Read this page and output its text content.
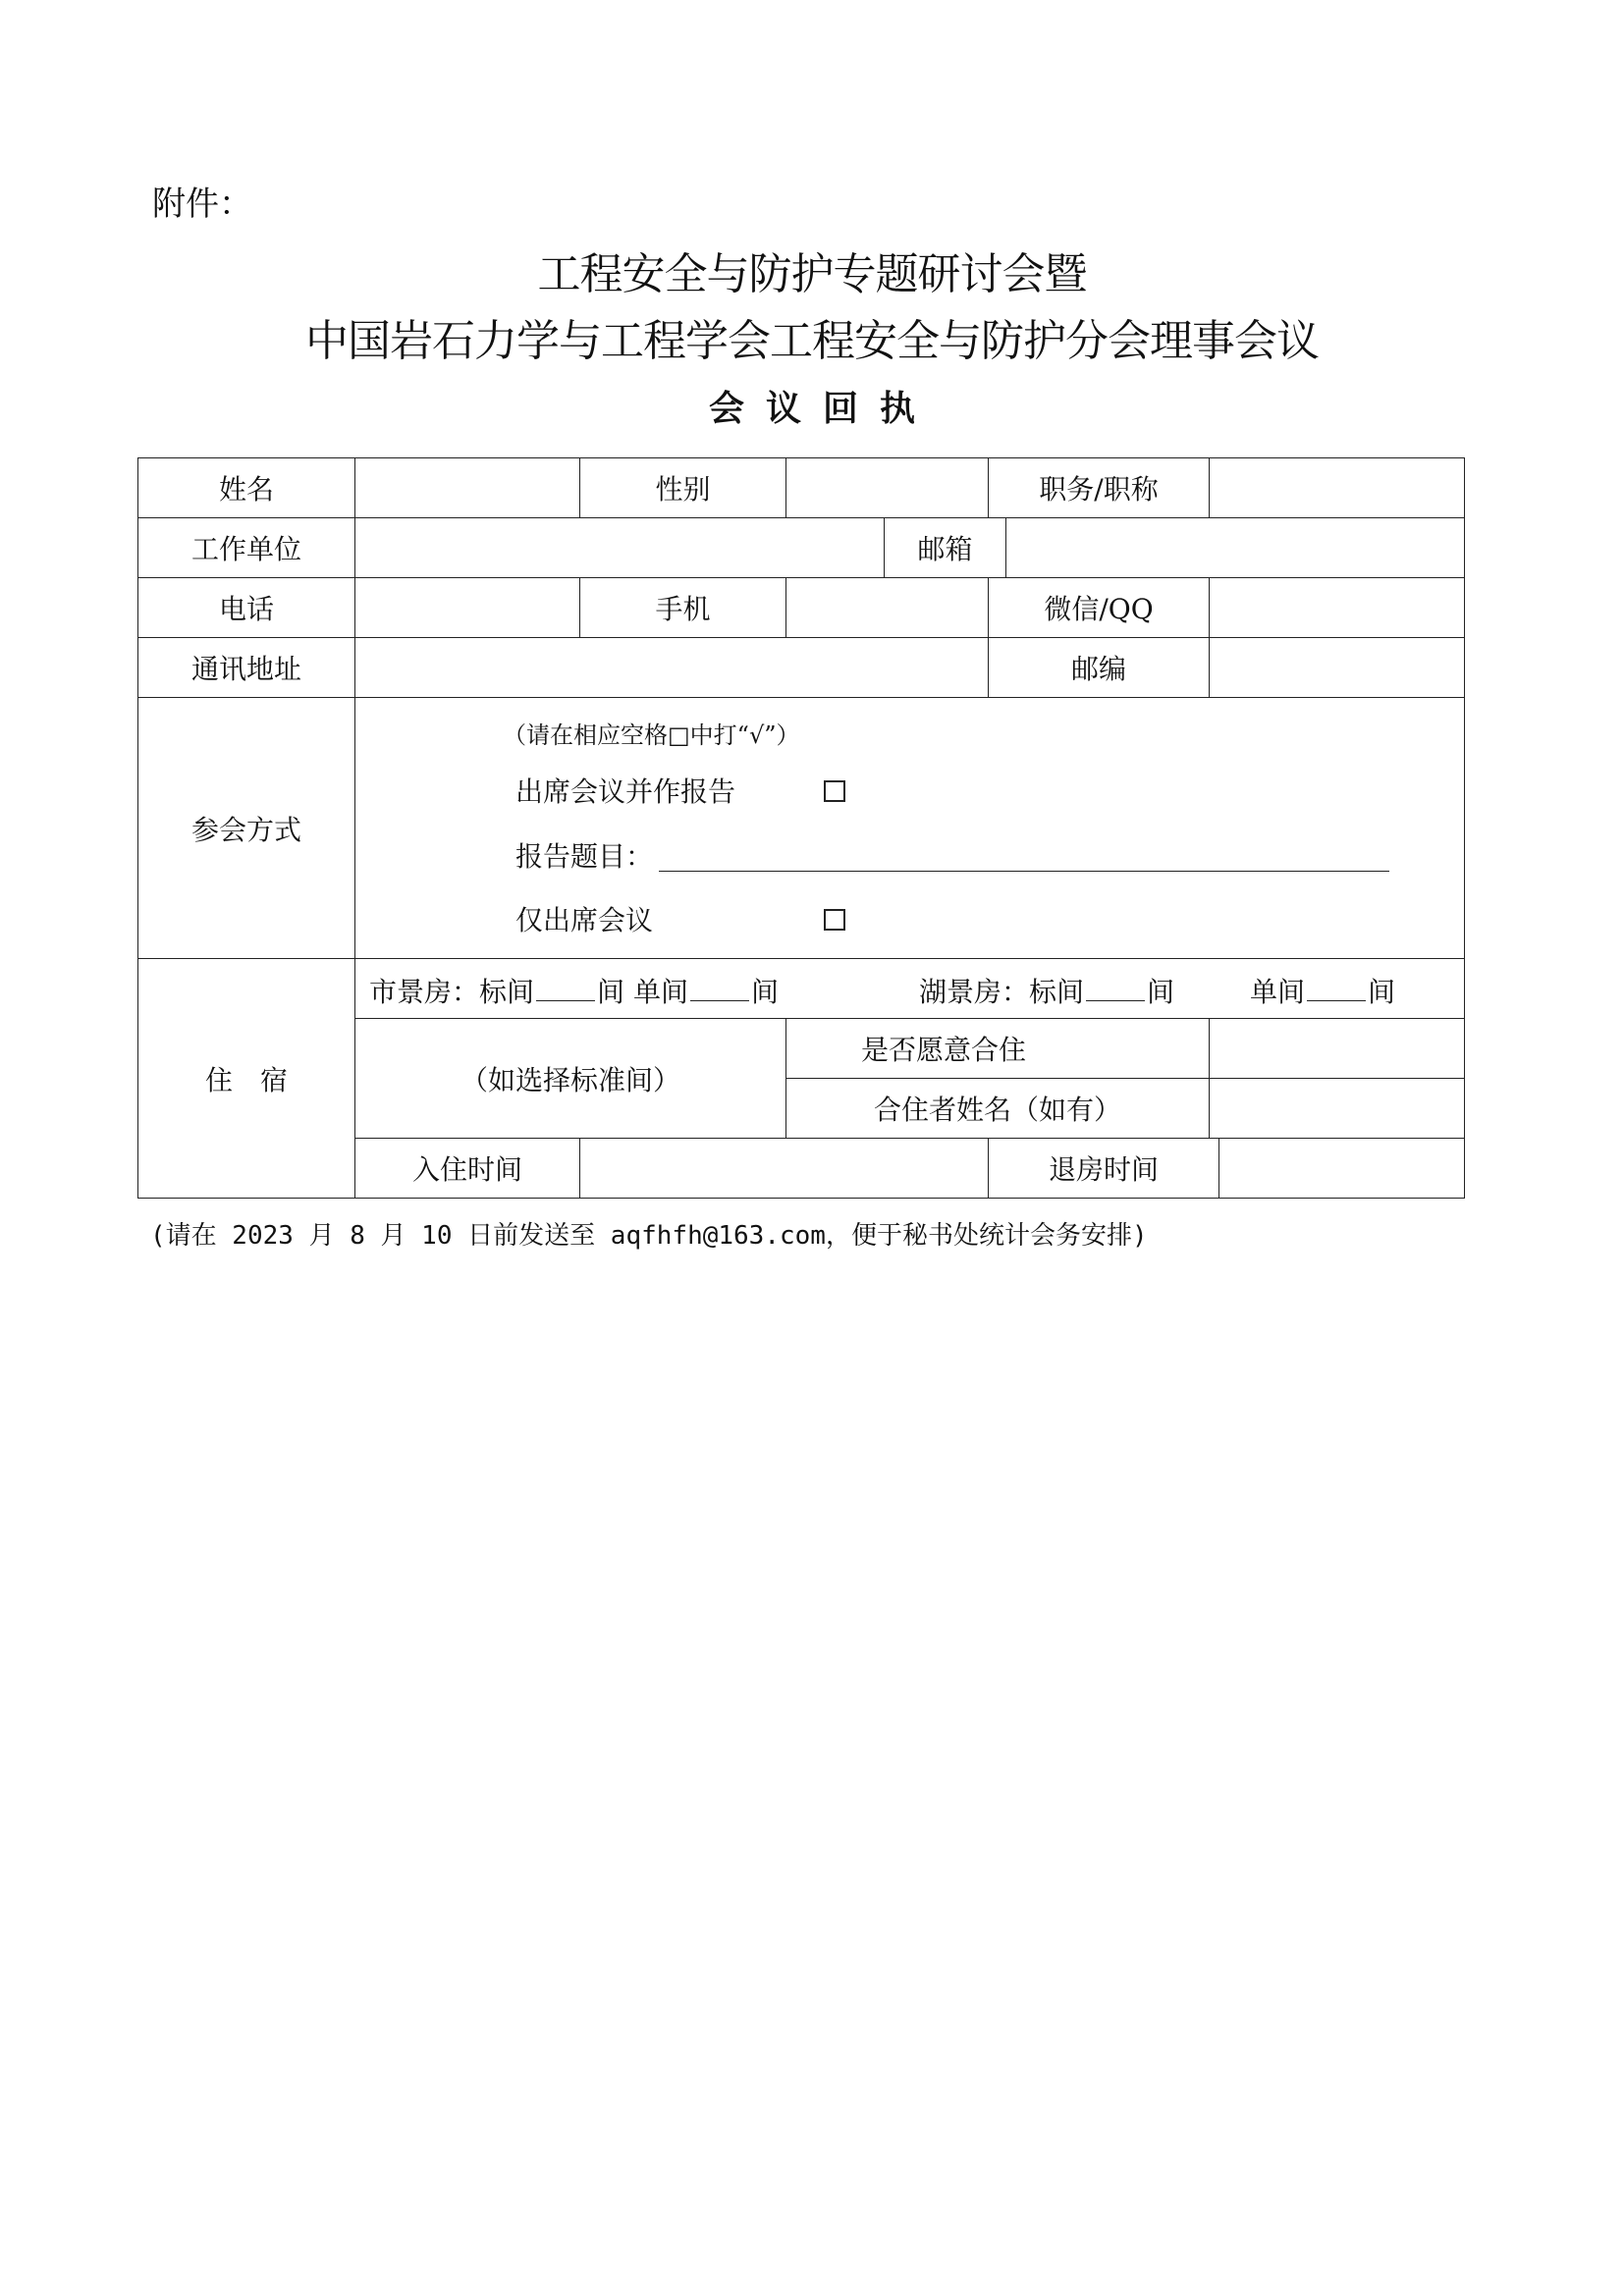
附件：
工程安全与防护专题研讨会暨
中国岩石力学与工程学会工程安全与防护分会理事会议
会议回执
姓名		性别			职务/职称			
工作单位				邮箱				
电话		手机			微信/QQ			
通讯地址					邮编			
参会方式	（请在相应空格□中打“√”）
出席会议并作报告
报告题目：
仅出席会议							

住　宿	市景房：标间 间 单间 间 湖景房：标间 间 单间 间							

	（如选择标准间）		是否愿意合住					
			合住者姓名（如有）					
	入住时间				退房时间			
(请在 2023 月 8 月 10 日前发送至 aqfhfh@163.com，便于秘书处统计会务安排)
